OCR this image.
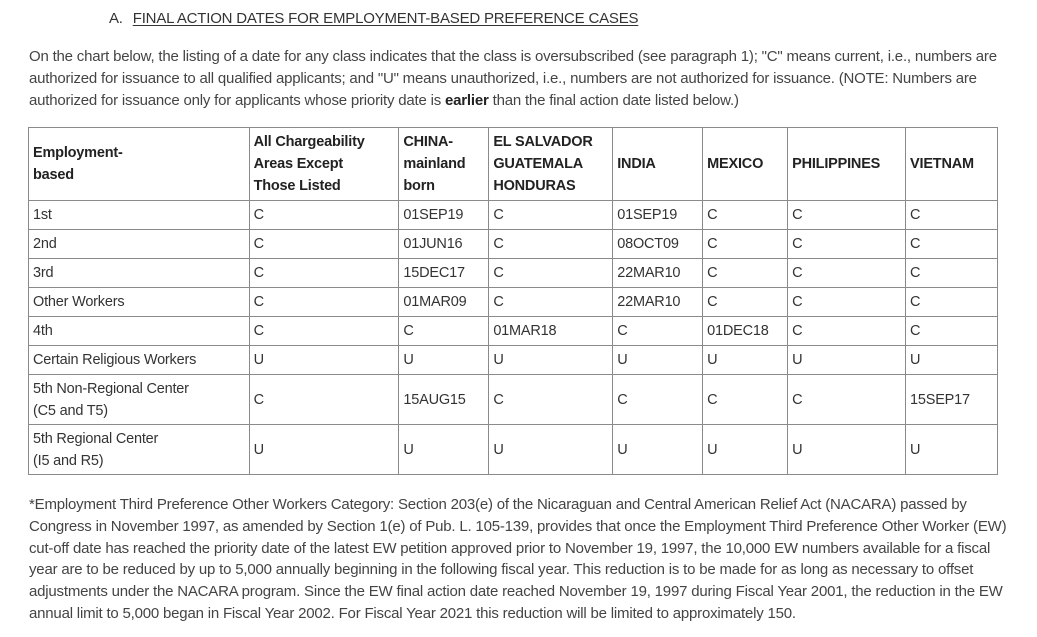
A. FINAL ACTION DATES FOR EMPLOYMENT-BASED PREFERENCE CASES
On the chart below, the listing of a date for any class indicates that the class is oversubscribed (see paragraph 1); "C" means current, i.e., numbers are authorized for issuance to all qualified applicants; and "U" means unauthorized, i.e., numbers are not authorized for issuance. (NOTE: Numbers are authorized for issuance only for applicants whose priority date is earlier than the final action date listed below.)
Employment-
based	All Chargeability
Areas Except
Those Listed	CHINA-
mainland
born	EL SALVADOR
GUATEMALA
HONDURAS	INDIA	MEXICO	PHILIPPINES	VIETNAM
1st	C	01SEP19	C	01SEP19	C	C	C
2nd	C	01JUN16	C	08OCT09	C	C	C
3rd	C	15DEC17	C	22MAR10	C	C	C
Other Workers	C	01MAR09	C	22MAR10	C	C	C
4th	C	C	01MAR18	C	01DEC18	C	C
Certain Religious Workers	U	U	U	U	U	U	U
5th Non-Regional Center
(C5 and T5)	C	15AUG15	C	C	C	C	15SEP17
5th Regional Center
(I5 and R5)	U	U	U	U	U	U	U
*Employment Third Preference Other Workers Category: Section 203(e) of the Nicaraguan and Central American Relief Act (NACARA) passed by Congress in November 1997, as amended by Section 1(e) of Pub. L. 105-139, provides that once the Employment Third Preference Other Worker (EW) cut-off date has reached the priority date of the latest EW petition approved prior to November 19, 1997, the 10,000 EW numbers available for a fiscal year are to be reduced by up to 5,000 annually beginning in the following fiscal year. This reduction is to be made for as long as necessary to offset adjustments under the NACARA program. Since the EW final action date reached November 19, 1997 during Fiscal Year 2001, the reduction in the EW annual limit to 5,000 began in Fiscal Year 2002. For Fiscal Year 2021 this reduction will be limited to approximately 150.
